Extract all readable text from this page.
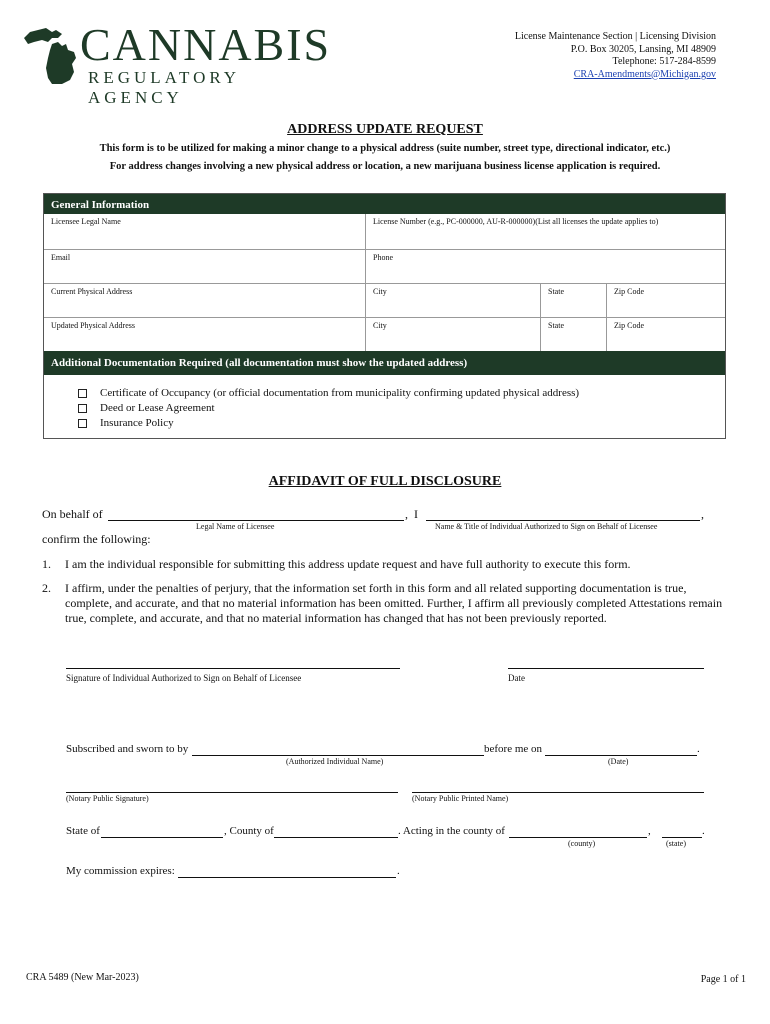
CANNABIS
REGULATORY AGENCY
License Maintenance Section | Licensing Division
P.O. Box 30205, Lansing, MI 48909
Telephone: 517-284-8599
CRA-Amendments@Michigan.gov
ADDRESS UPDATE REQUEST
This form is to be utilized for making a minor change to a physical address (suite number, street type, directional indicator, etc.)
For address changes involving a new physical address or location, a new marijuana business license application is required.
General Information
Licensee Legal Name	License Number (e.g., PC-000000, AU-R-000000)(List all licenses the update applies to)
Email	Phone
Current Physical Address	City	State	Zip Code
Updated Physical Address	City	State	Zip Code
Additional Documentation Required (all documentation must show the updated address)
Certificate of Occupancy (or official documentation from municipality confirming updated physical address)
Deed or Lease Agreement
Insurance Policy
AFFIDAVIT OF FULL DISCLOSURE
On behalf of	, I	,
Legal Name of Licensee	Name & Title of Individual Authorized to Sign on Behalf of Licensee
confirm the following:
1. I am the individual responsible for submitting this address update request and have full authority to execute this form.
2. I affirm, under the penalties of perjury, that the information set forth in this form and all related supporting documentation is true, complete, and accurate, and that no material information has been omitted. Further, I affirm all previously completed Attestations remain true, complete, and accurate, and that no material information has changed that has not been previously reported.
Signature of Individual Authorized to Sign on Behalf of Licensee	Date
Subscribed and sworn to by	before me on	.
(Authorized Individual Name)	(Date)
(Notary Public Signature)	(Notary Public Printed Name)
State of	, County of	. Acting in the county of	,	.
(county)	(state)
My commission expires:	.
CRA 5489 (New Mar-2023)	Page 1 of 1
